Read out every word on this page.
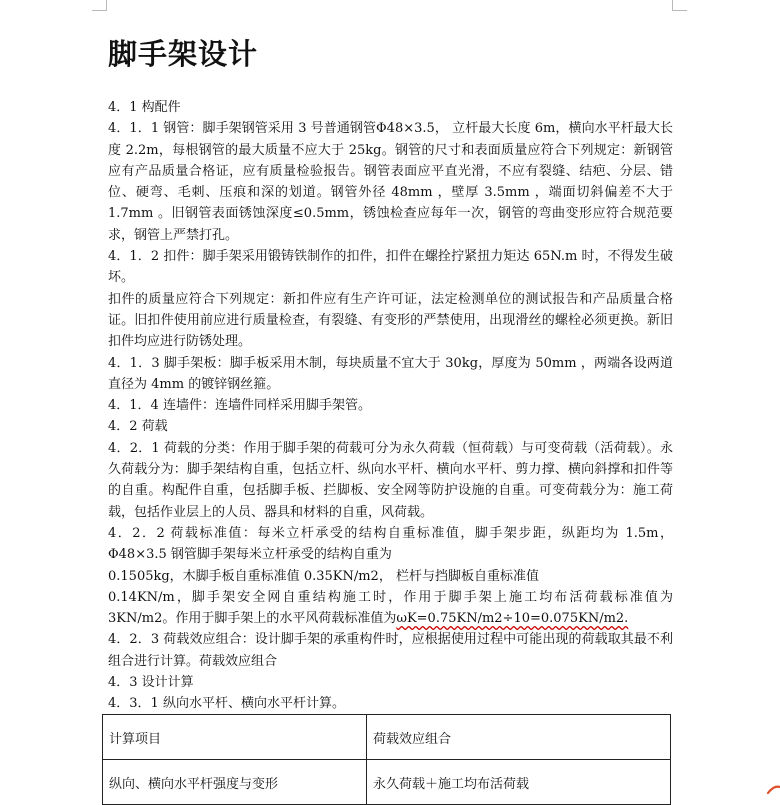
脚手架设计

4．1 构配件

4．1．1 钢管：脚手架钢管采用 3 号普通钢管Φ48×3.5， 立杆最大长度 6m，横向水平杆最大长度 2.2m，每根钢管的最大质量不应大于 25kg。钢管的尺寸和表面质量应符合下列规定：新钢管应有产品质量合格证，应有质量检验报告。钢管表面应平直光滑，不应有裂缝、结疤、分层、错位、硬弯、毛刺、压痕和深的划道。钢管外径 48mm ，壁厚 3.5mm ，端面切斜偏差不大于 1.7mm 。旧钢管表面锈蚀深度≤0.5mm，锈蚀检查应每年一次，钢管的弯曲变形应符合规范要求，钢管上严禁打孔。

4．1．2 扣件：脚手架采用锻铸铁制作的扣件，扣件在螺拴拧紧扭力矩达 65N.m 时，不得发生破坏。

扣件的质量应符合下列规定：新扣件应有生产许可证，法定检测单位的测试报告和产品质量合格证。旧扣件使用前应进行质量检查，有裂缝、有变形的严禁使用，出现滑丝的螺栓必须更换。新旧扣件均应进行防锈处理。

4．1．3 脚手架板：脚手板采用木制，每块质量不宜大于 30kg，厚度为 50mm ，两端各设两道直径为 4mm 的镀锌钢丝箍。

4．1．4 连墙件：连墙件同样采用脚手架管。

4．2 荷载

4．2．1 荷载的分类：作用于脚手架的荷载可分为永久荷载（恒荷载）与可变荷载（活荷载）。永久荷载分为：脚手架结构自重，包括立杆、纵向水平杆、横向水平杆、剪力撑、横向斜撑和扣件等的自重。构配件自重，包括脚手板、拦脚板、安全网等防护设施的自重。可变荷载分为：施工荷载，包括作业层上的人员、器具和材料的自重，风荷载。

4．2．2 荷载标准值：每米立杆承受的结构自重标准值，脚手架步距，纵距均为 1.5m，Φ48×3.5 钢管脚手架每米立杆承受的结构自重为

0.1505kg，木脚手板自重标准值 0.35KN/m2， 栏杆与挡脚板自重标准值

0.14KN/m，脚手架安全网自重结构施工时，作用于脚手架上施工均布活荷载标准值为 3KN/m2。作用于脚手架上的水平风荷载标准值为ωK=0.75KN/m2÷10=0.075KN/m2.

4．2．3 荷载效应组合：设计脚手架的承重构件时，应根据使用过程中可能出现的荷载取其最不利组合进行计算。荷载效应组合

4．3 设计计算

4．3．1 纵向水平杆、横向水平杆计算。

计算项目	荷载效应组合
纵向、横向水平杆强度与变形	永久荷载＋施工均布活荷载
